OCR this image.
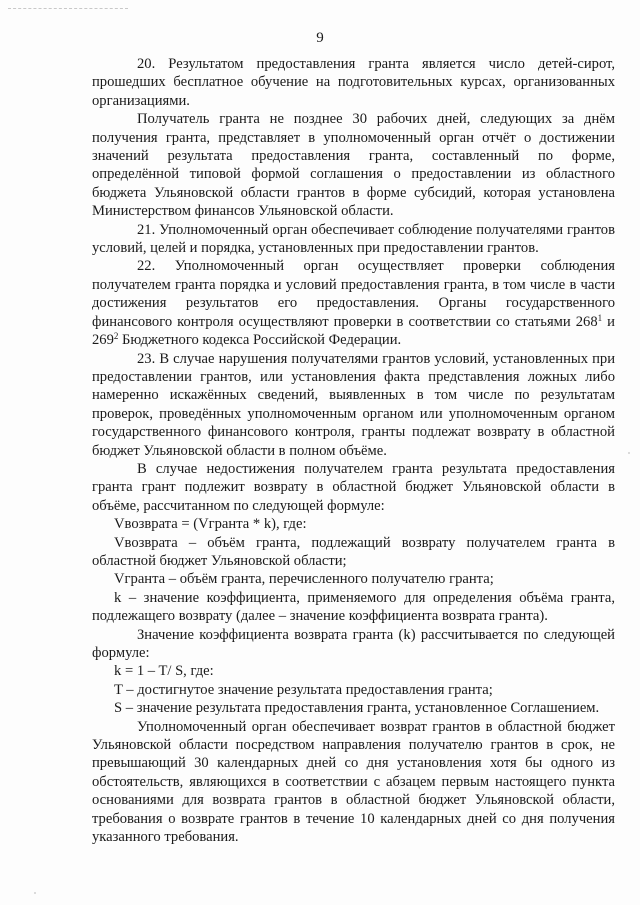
9

20. Результатом предоставления гранта является число детей-сирот, прошедших бесплатное обучение на подготовительных курсах, организованных организациями.

Получатель гранта не позднее 30 рабочих дней, следующих за днём получения гранта, представляет в уполномоченный орган отчёт о достижении значений результата предоставления гранта, составленный по форме, определённой типовой формой соглашения о предоставлении из областного бюджета Ульяновской области грантов в форме субсидий, которая установлена Министерством финансов Ульяновской области.

21. Уполномоченный орган обеспечивает соблюдение получателями грантов условий, целей и порядка, установленных при предоставлении грантов.

22. Уполномоченный орган осуществляет проверки соблюдения получателем гранта порядка и условий предоставления гранта, в том числе в части достижения результатов его предоставления. Органы государственного финансового контроля осуществляют проверки в соответствии со статьями $268^1$ и $269^2$ Бюджетного кодекса Российской Федерации.

23. В случае нарушения получателями грантов условий, установленных при предоставлении грантов, или установления факта представления ложных либо намеренно искажённых сведений, выявленных в том числе по результатам проверок, проведённых уполномоченным органом или уполномоченным органом государственного финансового контроля, гранты подлежат возврату в областной бюджет Ульяновской области в полном объёме.

В случае недостижения получателем гранта результата предоставления гранта грант подлежит возврату в областной бюджет Ульяновской области в объёме, рассчитанном по следующей формуле:

Vвозврата = (Vгранта * k), где:

Vвозврата – объём гранта, подлежащий возврату получателем гранта в областной бюджет Ульяновской области;

Vгранта – объём гранта, перечисленного получателю гранта;

k – значение коэффициента, применяемого для определения объёма гранта, подлежащего возврату (далее – значение коэффициента возврата гранта).

Значение коэффициента возврата гранта (k) рассчитывается по следующей формуле:

k = 1 – T/ S, где:

T – достигнутое значение результата предоставления гранта;

S – значение результата предоставления гранта, установленное Соглашением.

Уполномоченный орган обеспечивает возврат грантов в областной бюджет Ульяновской области посредством направления получателю грантов в срок, не превышающий 30 календарных дней со дня установления хотя бы одного из обстоятельств, являющихся в соответствии с абзацем первым настоящего пункта основаниями для возврата грантов в областной бюджет Ульяновской области, требования о возврате грантов в течение 10 календарных дней со дня получения указанного требования.
